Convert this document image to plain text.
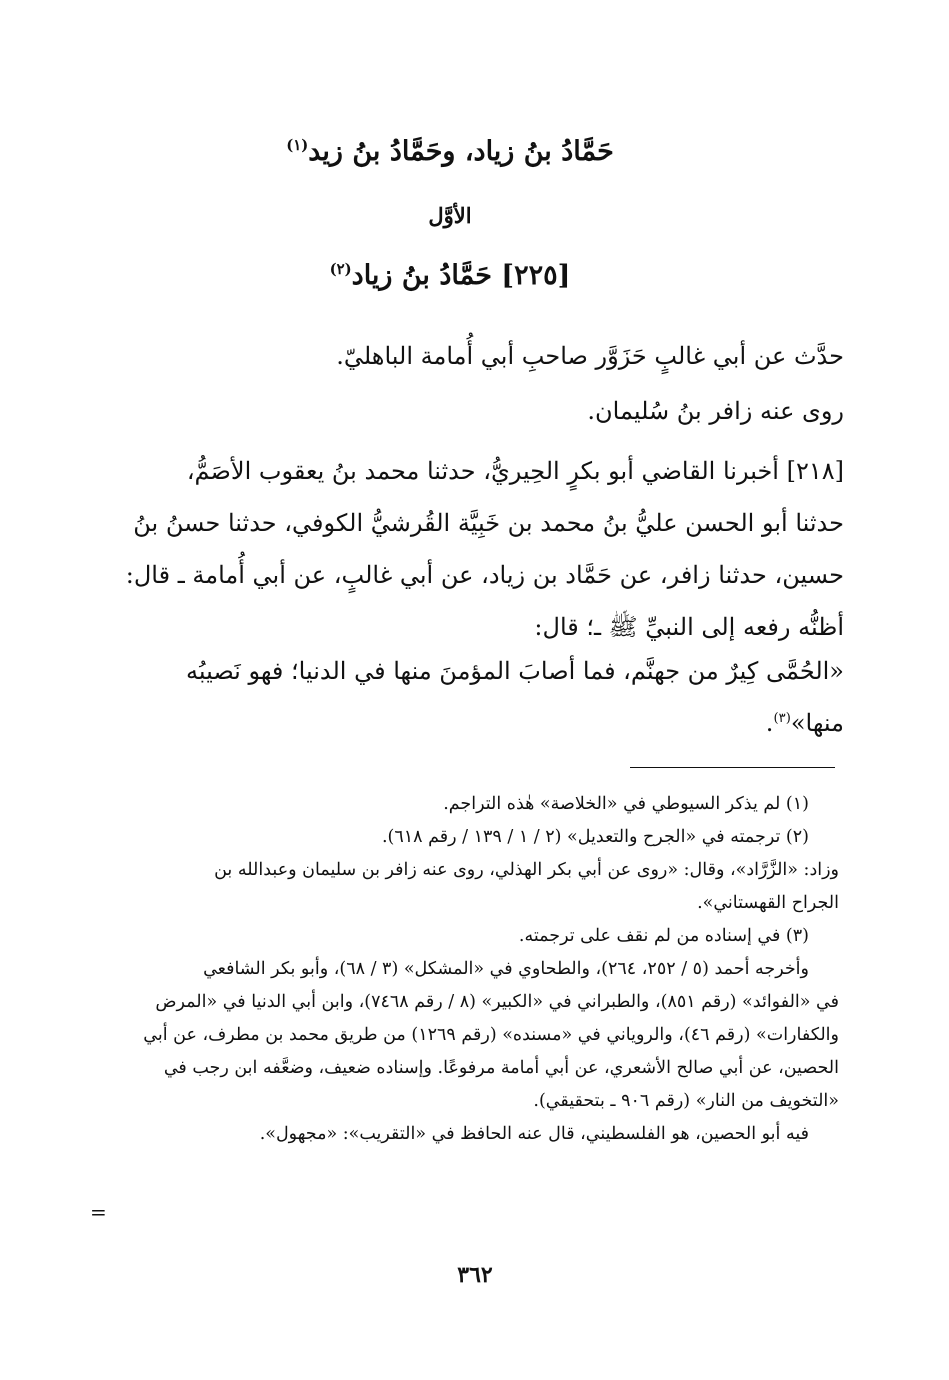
حَمَّادُ بنُ زياد، وحَمَّادُ بنُ زيد$^{(١)}$
الأوَّل
[٢٢٥] حَمَّادُ بنُ زياد$^{(٢)}$
حدَّث عن أبي غالبٍ حَزَوَّر صاحبِ أبي أُمامة الباهليّ.
روى عنه زافر بنُ سُليمان.
[٢١٨] أخبرنا القاضي أبو بكرٍ الحِيريُّ، حدثنا محمد بنُ يعقوب الأصَمُّ،
حدثنا أبو الحسن عليُّ بنُ محمد بن خَبِيَّة القُرشيُّ الكوفي، حدثنا حسنُ بنُ
حسين، حدثنا زافر، عن حَمَّاد بن زياد، عن أبي غالبٍ، عن أبي أُمامة ـ قال:
أظنُّه رفعه إلى النبيِّ ﷺ ـ؛ قال:
«الحُمَّى كِيرٌ من جهنَّم، فما أصابَ المؤمنَ منها في الدنيا؛ فهو نَصيبُه
منها»$^{(٣)}$.
(١) لم يذكر السيوطي في «الخلاصة» هٰذه التراجم.
(٢) ترجمته في «الجرح والتعديل» (٢ / ١ / ١٣٩ / رقم ٦١٨).
وزاد: «الزَّرَّاد»، وقال: «روى عن أبي بكر الهذلي، روى عنه زافر بن سليمان وعبدالله بن
الجراح القهستاني».
(٣) في إسناده من لم نقف على ترجمته.
وأخرجه أحمد (٥ / ٢٥٢، ٢٦٤)، والطحاوي في «المشكل» (٣ / ٦٨)، وأبو بكر الشافعي
في «الفوائد» (رقم ٨٥١)، والطبراني في «الكبير» (٨ / رقم ٧٤٦٨)، وابن أبي الدنيا في «المرض
والكفارات» (رقم ٤٦)، والروياني في «مسنده» (رقم ١٢٦٩) من طريق محمد بن مطرف، عن أبي
الحصين، عن أبي صالح الأشعري، عن أبي أمامة مرفوعًا. وإسناده ضعيف، وضعَّفه ابن رجب في
«التخويف من النار» (رقم ٩٠٦ ـ بتحقيقي).
فيه أبو الحصين، هو الفلسطيني، قال عنه الحافظ في «التقريب»: «مجهول».
=
٣٦٢
